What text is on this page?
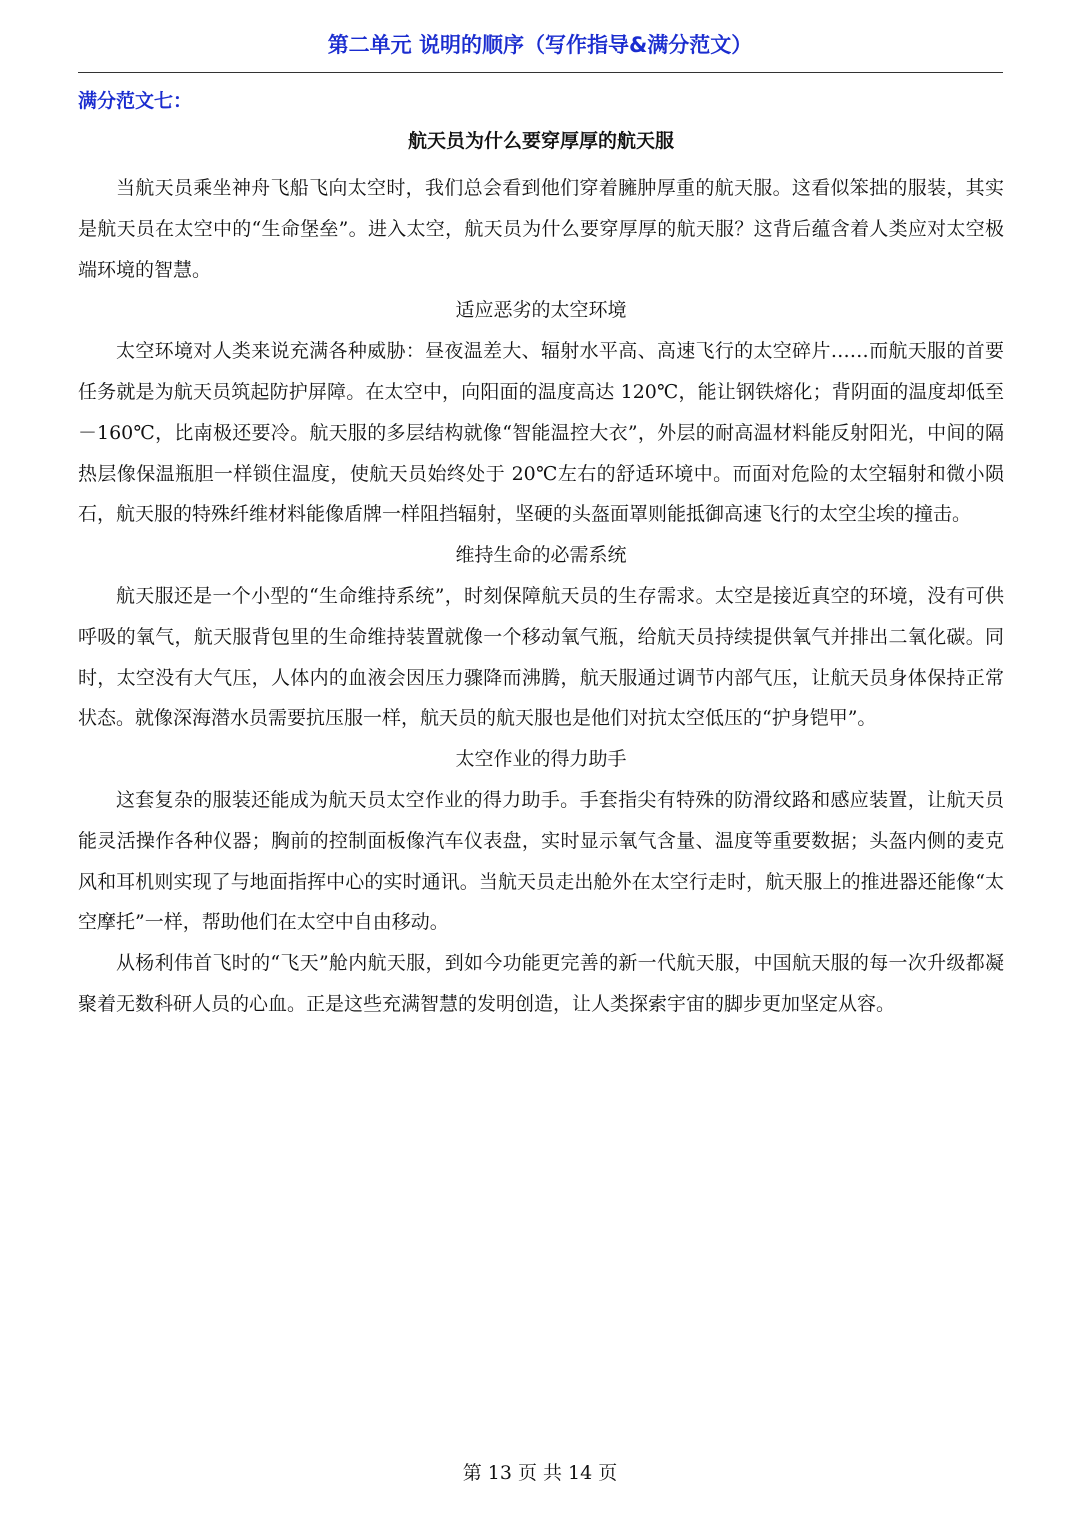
第二单元 说明的顺序（写作指导&满分范文）
满分范文七：
航天员为什么要穿厚厚的航天服

当航天员乘坐神舟飞船飞向太空时，我们总会看到他们穿着臃肿厚重的航天服。这看似笨拙的服装，其实是航天员在太空中的“生命堡垒”。进入太空，航天员为什么要穿厚厚的航天服？这背后蕴含着人类应对太空极端环境的智慧。

适应恶劣的太空环境

太空环境对人类来说充满各种威胁：昼夜温差大、辐射水平高、高速飞行的太空碎片……而航天服的首要任务就是为航天员筑起防护屏障。在太空中，向阳面的温度高达 120℃，能让钢铁熔化；背阴面的温度却低至－160℃，比南极还要冷。航天服的多层结构就像“智能温控大衣”，外层的耐高温材料能反射阳光，中间的隔热层像保温瓶胆一样锁住温度，使航天员始终处于 20℃左右的舒适环境中。而面对危险的太空辐射和微小陨石，航天服的特殊纤维材料能像盾牌一样阻挡辐射，坚硬的头盔面罩则能抵御高速飞行的太空尘埃的撞击。

维持生命的必需系统

航天服还是一个小型的“生命维持系统”，时刻保障航天员的生存需求。太空是接近真空的环境，没有可供呼吸的氧气，航天服背包里的生命维持装置就像一个移动氧气瓶，给航天员持续提供氧气并排出二氧化碳。同时，太空没有大气压，人体内的血液会因压力骤降而沸腾，航天服通过调节内部气压，让航天员身体保持正常状态。就像深海潜水员需要抗压服一样，航天员的航天服也是他们对抗太空低压的“护身铠甲”。

太空作业的得力助手

这套复杂的服装还能成为航天员太空作业的得力助手。手套指尖有特殊的防滑纹路和感应装置，让航天员能灵活操作各种仪器；胸前的控制面板像汽车仪表盘，实时显示氧气含量、温度等重要数据；头盔内侧的麦克风和耳机则实现了与地面指挥中心的实时通讯。当航天员走出舱外在太空行走时，航天服上的推进器还能像“太空摩托”一样，帮助他们在太空中自由移动。

从杨利伟首飞时的“飞天”舱内航天服，到如今功能更完善的新一代航天服，中国航天服的每一次升级都凝聚着无数科研人员的心血。正是这些充满智慧的发明创造，让人类探索宇宙的脚步更加坚定从容。

第 13 页 共 14 页
